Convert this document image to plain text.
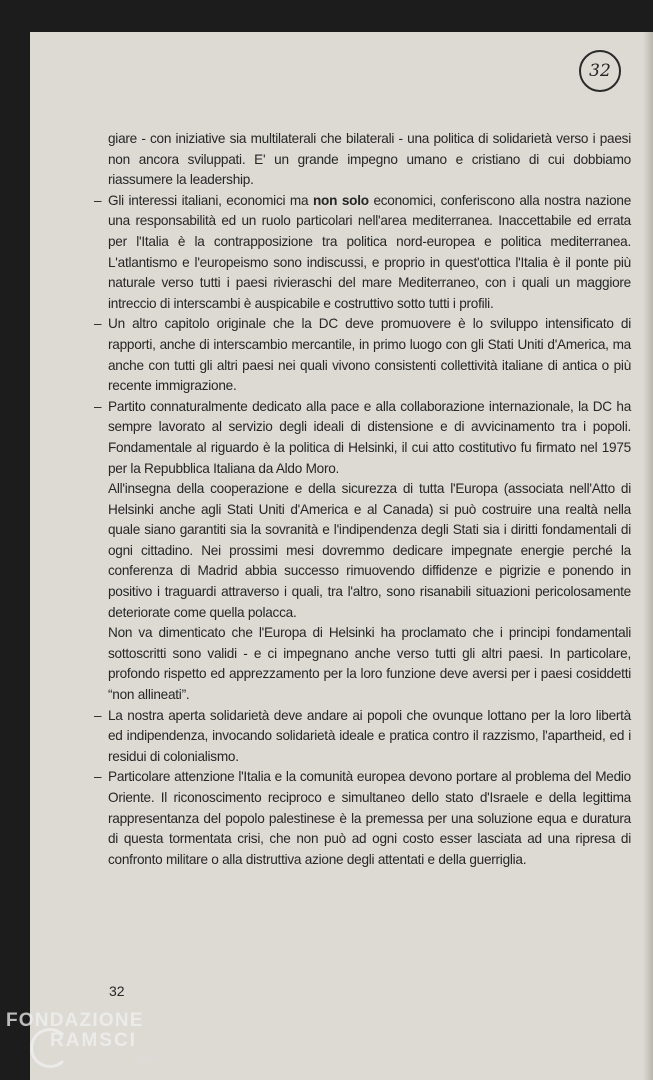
32

giare - con iniziative sia multilaterali che bilaterali - una politica di solidarietà verso i paesi non ancora sviluppati. E' un grande impegno umano e cristiano di cui dobbiamo riassumere la leadership.

– Gli interessi italiani, economici ma non solo economici, conferiscono alla nostra nazione una responsabilità ed un ruolo particolari nell'area mediterranea. Inaccettabile ed errata per l'Italia è la contrapposizione tra politica nord-europea e politica mediterranea. L'atlantismo e l'europeismo sono indiscussi, e proprio in quest'ottica l'Italia è il ponte più naturale verso tutti i paesi rivieraschi del mare Mediterraneo, con i quali un maggiore intreccio di interscambi è auspicabile e costruttivo sotto tutti i profili.

– Un altro capitolo originale che la DC deve promuovere è lo sviluppo intensificato di rapporti, anche di interscambio mercantile, in primo luogo con gli Stati Uniti d'America, ma anche con tutti gli altri paesi nei quali vivono consistenti collettività italiane di antica o più recente immigrazione.

– Partito connaturalmente dedicato alla pace e alla collaborazione internazionale, la DC ha sempre lavorato al servizio degli ideali di distensione e di avvicinamento tra i popoli. Fondamentale al riguardo è la politica di Helsinki, il cui atto costitutivo fu firmato nel 1975 per la Repubblica Italiana da Aldo Moro.

All'insegna della cooperazione e della sicurezza di tutta l'Europa (associata nell'Atto di Helsinki anche agli Stati Uniti d'America e al Canada) si può costruire una realtà nella quale siano garantiti sia la sovranità e l'indipendenza degli Stati sia i diritti fondamentali di ogni cittadino. Nei prossimi mesi dovremmo dedicare impegnate energie perché la conferenza di Madrid abbia successo rimuovendo diffidenze e pigrizie e ponendo in positivo i traguardi attraverso i quali, tra l'altro, sono risanabili situazioni pericolosamente deteriorate come quella polacca.

Non va dimenticato che l'Europa di Helsinki ha proclamato che i principi fondamentali sottoscritti sono validi - e ci impegnano anche verso tutti gli altri paesi. In particolare, profondo rispetto ed apprezzamento per la loro funzione deve aversi per i paesi cosiddetti “non allineati”.

– La nostra aperta solidarietà deve andare ai popoli che ovunque lottano per la loro libertà ed indipendenza, invocando solidarietà ideale e pratica contro il razzismo, l'apartheid, ed i residui di colonialismo.

– Particolare attenzione l'Italia e la comunità europea devono portare al problema del Medio Oriente. Il riconoscimento reciproco e simultaneo dello stato d'Israele e della legittima rappresentanza del popolo palestinese è la premessa per una soluzione equa e duratura di questa tormentata crisi, che non può ad ogni costo esser lasciata ad una ripresa di confronto militare o alla distruttiva azione degli attentati e della guerriglia.

32
FONDAZIONE
RAMSCI
onlus
